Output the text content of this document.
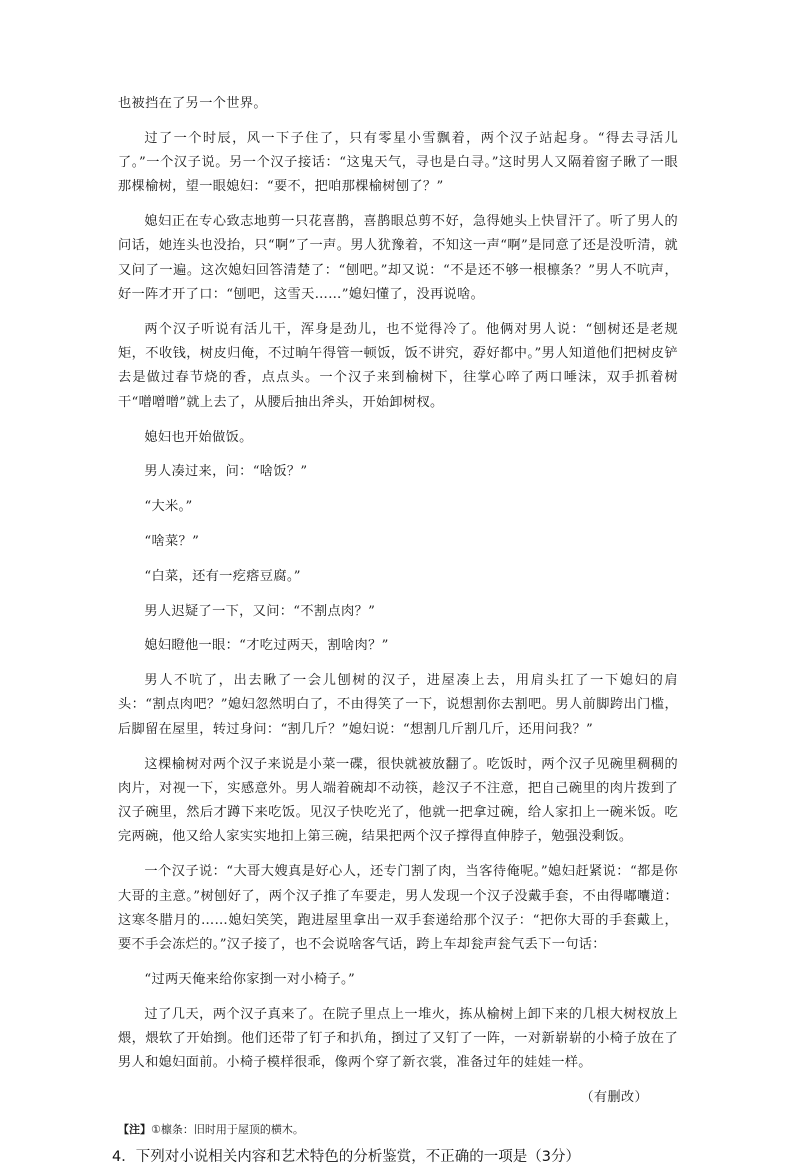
也被挡在了另一个世界。

过了一个时辰，风一下子住了，只有零星小雪飘着，两个汉子站起身。“得去寻活儿了。”一个汉子说。另一个汉子接话：“这鬼天气，寻也是白寻。”这时男人又隔着窗子瞅了一眼那棵榆树，望一眼媳妇：“要不，把咱那棵榆树刨了？”

媳妇正在专心致志地剪一只花喜鹊，喜鹊眼总剪不好，急得她头上快冒汗了。听了男人的问话，她连头也没抬，只“啊”了一声。男人犹豫着，不知这一声“啊”是同意了还是没听清，就又问了一遍。这次媳妇回答清楚了：“刨吧。”却又说：“不是还不够一根檩条？”男人不吭声，好一阵才开了口：“刨吧，这雪天……”媳妇懂了，没再说啥。

两个汉子听说有活儿干，浑身是劲儿，也不觉得冷了。他俩对男人说：“刨树还是老规矩，不收钱，树皮归俺，不过晌午得管一顿饭，饭不讲究，孬好都中。”男人知道他们把树皮铲去是做过春节烧的香，点点头。一个汉子来到榆树下，往掌心啐了两口唾沫，双手抓着树干“噌噌噌”就上去了，从腰后抽出斧头，开始卸树杈。

媳妇也开始做饭。

男人凑过来，问：“啥饭？”

“大米。”

“啥菜？”

“白菜，还有一疙瘩豆腐。”

男人迟疑了一下，又问：“不割点肉？”

媳妇瞪他一眼：“才吃过两天，割啥肉？”

男人不吭了，出去瞅了一会儿刨树的汉子，进屋凑上去，用肩头扛了一下媳妇的肩头：“割点肉吧？”媳妇忽然明白了，不由得笑了一下，说想割你去割吧。男人前脚跨出门槛，后脚留在屋里，转过身问：“割几斤？”媳妇说：“想割几斤割几斤，还用问我？”

这棵榆树对两个汉子来说是小菜一碟，很快就被放翻了。吃饭时，两个汉子见碗里稠稠的肉片，对视一下，实感意外。男人端着碗却不动筷，趁汉子不注意，把自己碗里的肉片拨到了汉子碗里，然后才蹲下来吃饭。见汉子快吃光了，他就一把拿过碗，给人家扣上一碗米饭。吃完两碗，他又给人家实实地扣上第三碗，结果把两个汉子撑得直伸脖子，勉强没剩饭。

一个汉子说：“大哥大嫂真是好心人，还专门割了肉，当客待俺呢。”媳妇赶紧说：“都是你大哥的主意。”树刨好了，两个汉子推了车要走，男人发现一个汉子没戴手套，不由得嘟囔道：这寒冬腊月的……媳妇笑笑，跑进屋里拿出一双手套递给那个汉子：“把你大哥的手套戴上，要不手会冻烂的。”汉子接了，也不会说啥客气话，跨上车却瓮声瓮气丢下一句话：

“过两天俺来给你家捯一对小椅子。”

过了几天，两个汉子真来了。在院子里点上一堆火，拣从榆树上卸下来的几根大树杈放上煨，煨软了开始捯。他们还带了钉子和扒角，捯过了又钉了一阵，一对新崭崭的小椅子放在了男人和媳妇面前。小椅子模样很乖，像两个穿了新衣裳，准备过年的娃娃一样。

（有删改）
【注】①檩条：旧时用于屋顶的横木。
4．下列对小说相关内容和艺术特色的分析鉴赏，不正确的一项是（3分）
